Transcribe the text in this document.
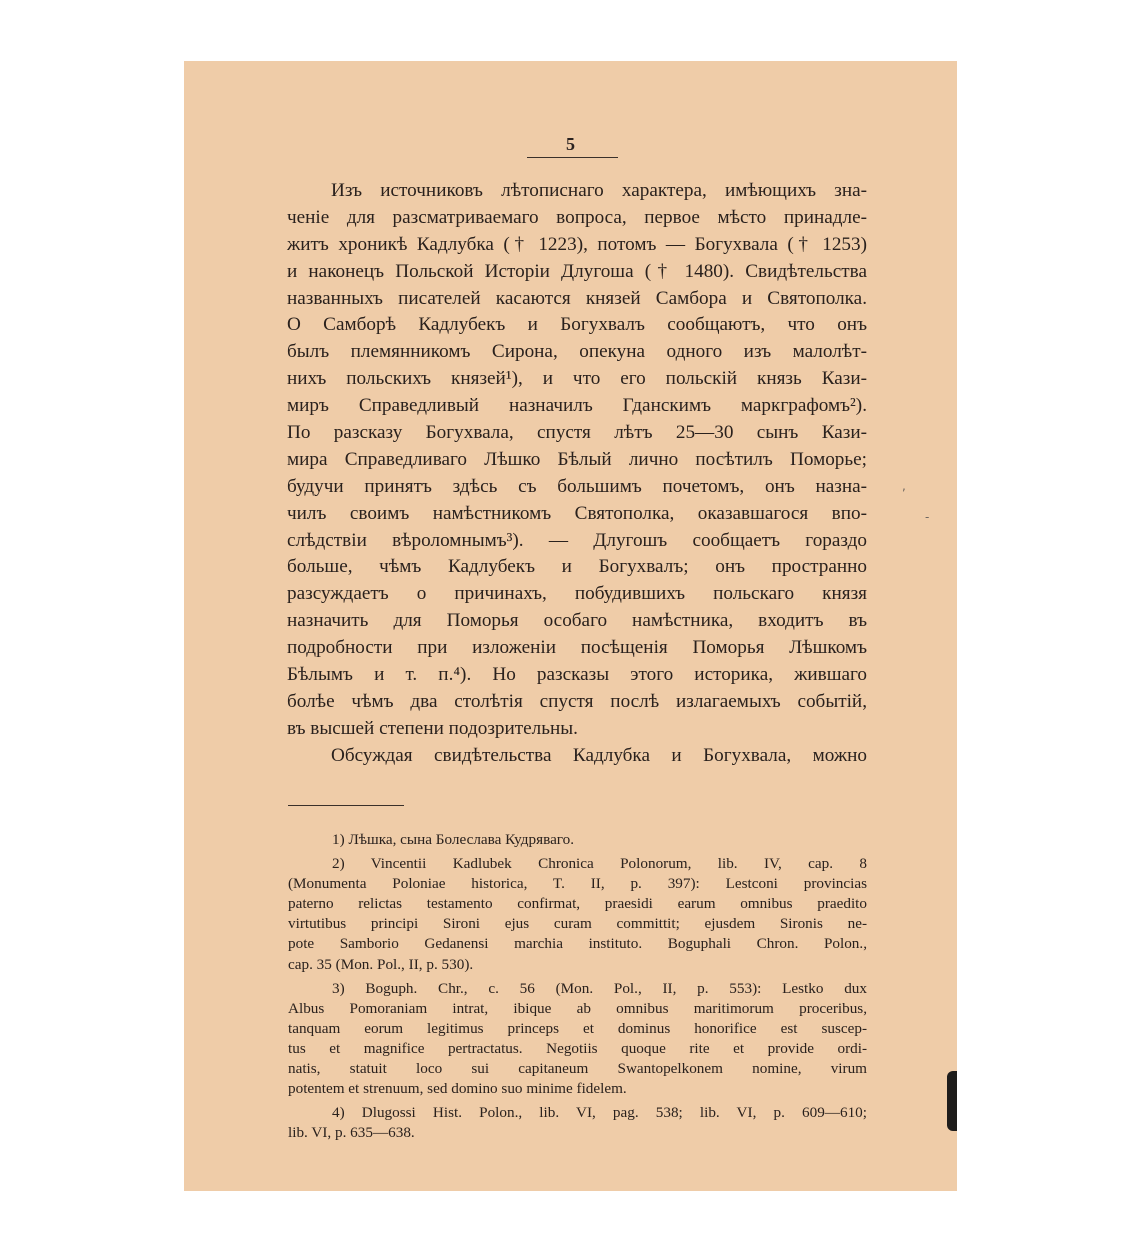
5
Изъ источниковъ лѣтописнаго характера, имѣющихъ зна-
ченіе для разсматриваемаго вопроса, первое мѣсто принадле-
житъ хроникѣ Кадлубка († 1223), потомъ — Богухвала († 1253)
и наконецъ Польской Исторіи Длугоша († 1480). Свидѣтельства
названныхъ писателей касаются князей Самбора и Святополка.
О Самборѣ Кадлубекъ и Богухвалъ сообщаютъ, что онъ
былъ племянникомъ Сирона, опекуна одного изъ малолѣт-
нихъ польскихъ князей¹), и что его польскій князь Кази-
миръ Справедливый назначилъ Гданскимъ маркграфомъ²).
По разсказу Богухвала, спустя лѣтъ 25—30 сынъ Кази-
мира Справедливаго Лѣшко Бѣлый лично посѣтилъ Поморье;
будучи принятъ здѣсь съ большимъ почетомъ, онъ назна-
чилъ своимъ намѣстникомъ Святополка, оказавшагося впо-
слѣдствіи вѣроломнымъ³). — Длугошъ сообщаетъ гораздо
больше, чѣмъ Кадлубекъ и Богухвалъ; онъ пространно
разсуждаетъ о причинахъ, побудившихъ польскаго князя
назначить для Поморья особаго намѣстника, входитъ въ
подробности при изложеніи посѣщенія Поморья Лѣшкомъ
Бѣлымъ и т. п.⁴). Но разсказы этого историка, жившаго
болѣе чѣмъ два столѣтія спустя послѣ излагаемыхъ событій,
въ высшей степени подозрительны.
Обсуждая свидѣтельства Кадлубка и Богухвала, можно
1) Лѣшка, сына Болеслава Кудряваго.
2) Vincentii Kadlubek Chronica Polonorum, lib. IV, cap. 8
(Monumenta Poloniae historica, T. II, p. 397): Lestconi provincias
paterno relictas testamento confirmat, praesidi earum omnibus praedito
virtutibus principi Sironi ejus curam committit; ejusdem Sironis ne-
pote Samborio Gedanensi marchia instituto. Boguphali Chron. Polon.,
cap. 35 (Mon. Pol., II, p. 530).
3) Boguph. Chr., c. 56 (Mon. Pol., II, p. 553): Lestko dux
Albus Pomoraniam intrat, ibique ab omnibus maritimorum proceribus,
tanquam eorum legitimus princeps et dominus honorifice est suscep-
tus et magnifice pertractatus. Negotiis quoque rite et provide ordi-
natis, statuit loco sui capitaneum Swantopelkonem nomine, virum
potentem et strenuum, sed domino suo minime fidelem.
4) Dlugossi Hist. Polon., lib. VI, pag. 538; lib. VI, p. 609—610;
lib. VI, p. 635—638.
,
-
